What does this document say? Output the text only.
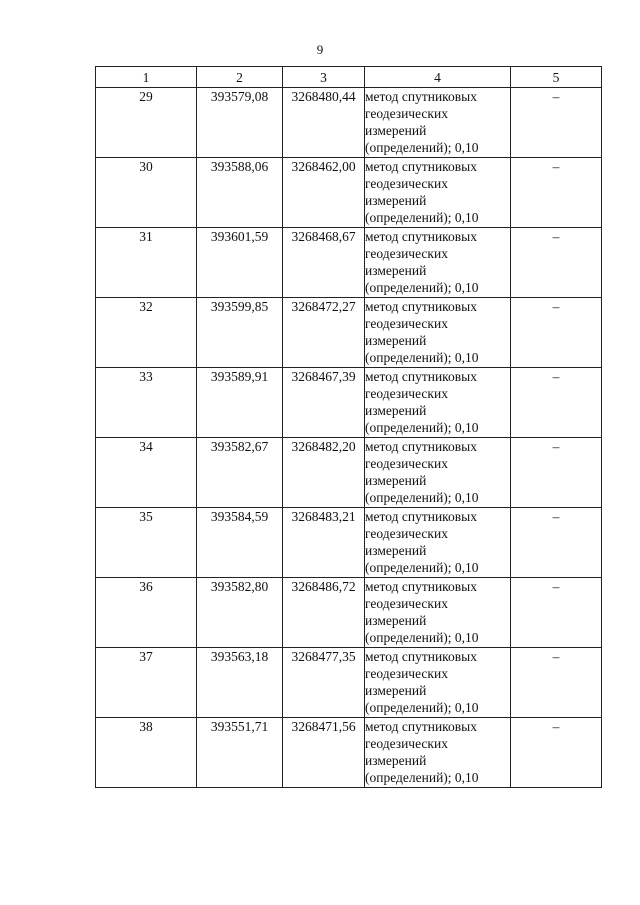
9
1	2	3	4	5
29	393579,08	3268480,44	метод спутниковых
геодезических
измерений
(определений); 0,10	–
30	393588,06	3268462,00	метод спутниковых
геодезических
измерений
(определений); 0,10	–
31	393601,59	3268468,67	метод спутниковых
геодезических
измерений
(определений); 0,10	–
32	393599,85	3268472,27	метод спутниковых
геодезических
измерений
(определений); 0,10	–
33	393589,91	3268467,39	метод спутниковых
геодезических
измерений
(определений); 0,10	–
34	393582,67	3268482,20	метод спутниковых
геодезических
измерений
(определений); 0,10	–
35	393584,59	3268483,21	метод спутниковых
геодезических
измерений
(определений); 0,10	–
36	393582,80	3268486,72	метод спутниковых
геодезических
измерений
(определений); 0,10	–
37	393563,18	3268477,35	метод спутниковых
геодезических
измерений
(определений); 0,10	–
38	393551,71	3268471,56	метод спутниковых
геодезических
измерений
(определений); 0,10	–
